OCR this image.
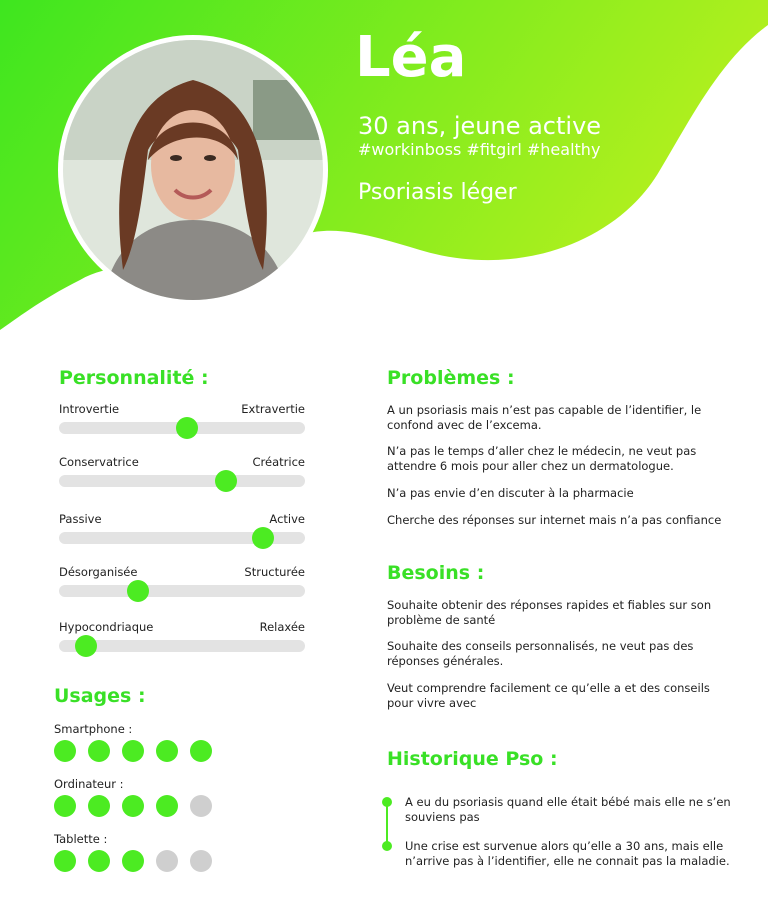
Léa
30 ans, jeune active
#workinboss #fitgirl #healthy
Psoriasis léger
Personnalité :
Introvertie	Extravertie
Conservatrice	Créatrice
Passive	Active
Désorganisée	Structurée
Hypocondriaque	Relaxée
Usages :
Smartphone :
Ordinateur :
Tablette :
Problèmes :
A un psoriasis mais n’est pas capable de l’identifier, le confond avec de l’excema.
N’a pas le temps d’aller chez le médecin, ne veut pas attendre 6 mois pour aller chez un dermatologue.
N’a pas envie d’en discuter à la pharmacie
Cherche des réponses sur internet mais n’a pas confiance
Besoins :
Souhaite obtenir des réponses rapides et fiables sur son problème de santé
Souhaite des conseils personnalisés, ne veut pas des réponses générales.
Veut comprendre facilement ce qu’elle a et des conseils pour vivre avec
Historique Pso :
A eu du psoriasis quand elle était bébé mais elle ne s’en souviens pas
Une crise est survenue alors qu’elle a 30 ans, mais elle n’arrive pas à l’identifier, elle ne connait pas la maladie.
